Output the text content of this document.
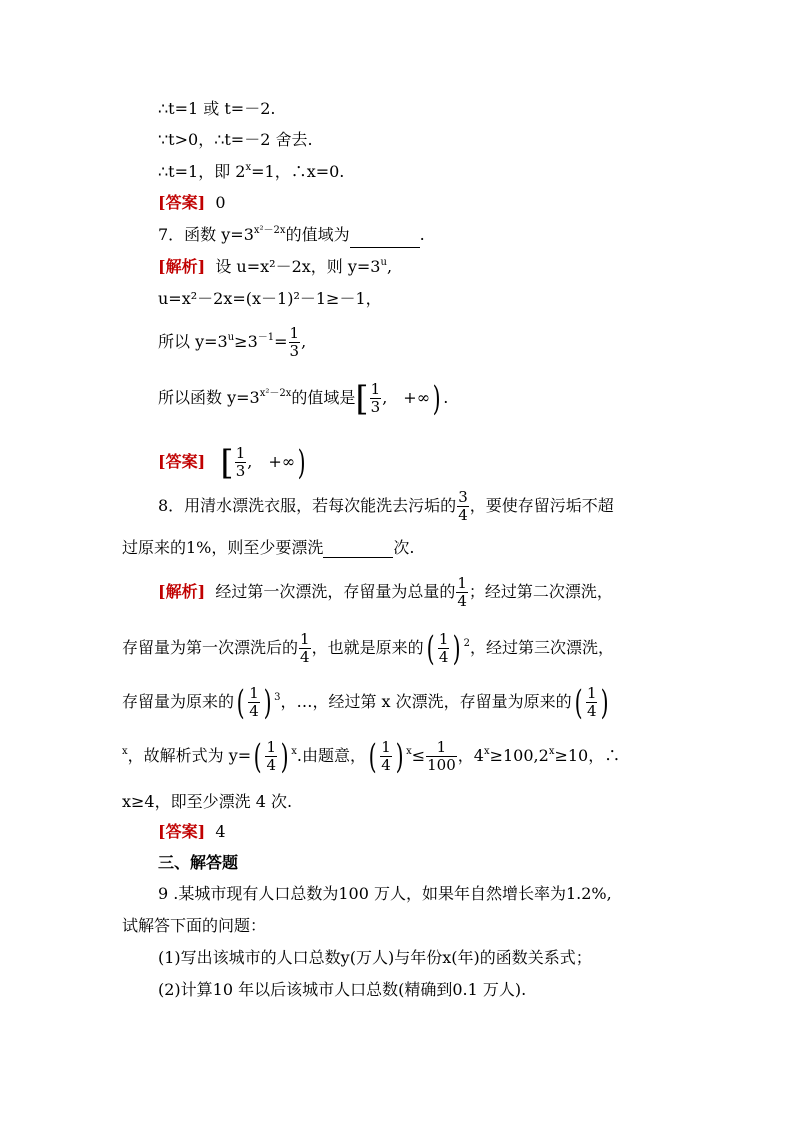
∴t=1 或 t=－2.
∵t>0，∴t=－2 舍去.
∴t=1，即 $2^x=1$，∴x=0.
[答案] 0
7．函数 $y=3^{x^2-2x}$的值域为	.
[解析] 设 u=x²－2x，则 $y=3^u$,
u=x²－2x=(x－1)²－1≥－1，
所以 $y=3^u\ge 3^{-1}= \frac{1}{3}$ ,
所以函数 $y=3^{x^2-2x}$的值域是[ $\frac{1}{3}$ ,　+∞) .
[答案] [ $\frac{1}{3}$ ,　+∞)
8．用清水漂洗衣服，若每次能洗去污垢的 $\frac{3}{4}$ ，要使存留污垢不超
过原来的1%，则至少要漂洗	次.
[解析] 经过第一次漂洗，存留量为总量的 $\frac{1}{4}$ ；经过第二次漂洗，
存留量为第一次漂洗后的 $\frac{1}{4}$ ，也就是原来的( $\frac{1}{4}$ ) $^2$，经过第三次漂洗，
存留量为原来的( $\frac{1}{4}$ ) $^3$，…，经过第 x 次漂洗，存留量为原来的( $\frac{1}{4}$ )
$^x$，故解析式为 $y=( \frac{1}{4}$ ) $^x$.由题意，( $\frac{1}{4}$ ) $^x\le \frac{1}{100}$ ，$4^x\ge 100,2^x\ge 10$，∴
x≥4，即至少漂洗 4 次.
[答案] 4
三、解答题
9 .某城市现有人口总数为100 万人，如果年自然增长率为1.2%,
试解答下面的问题：
(1)写出该城市的人口总数y(万人)与年份x(年)的函数关系式；
(2)计算10 年以后该城市人口总数(精确到0.1 万人).
